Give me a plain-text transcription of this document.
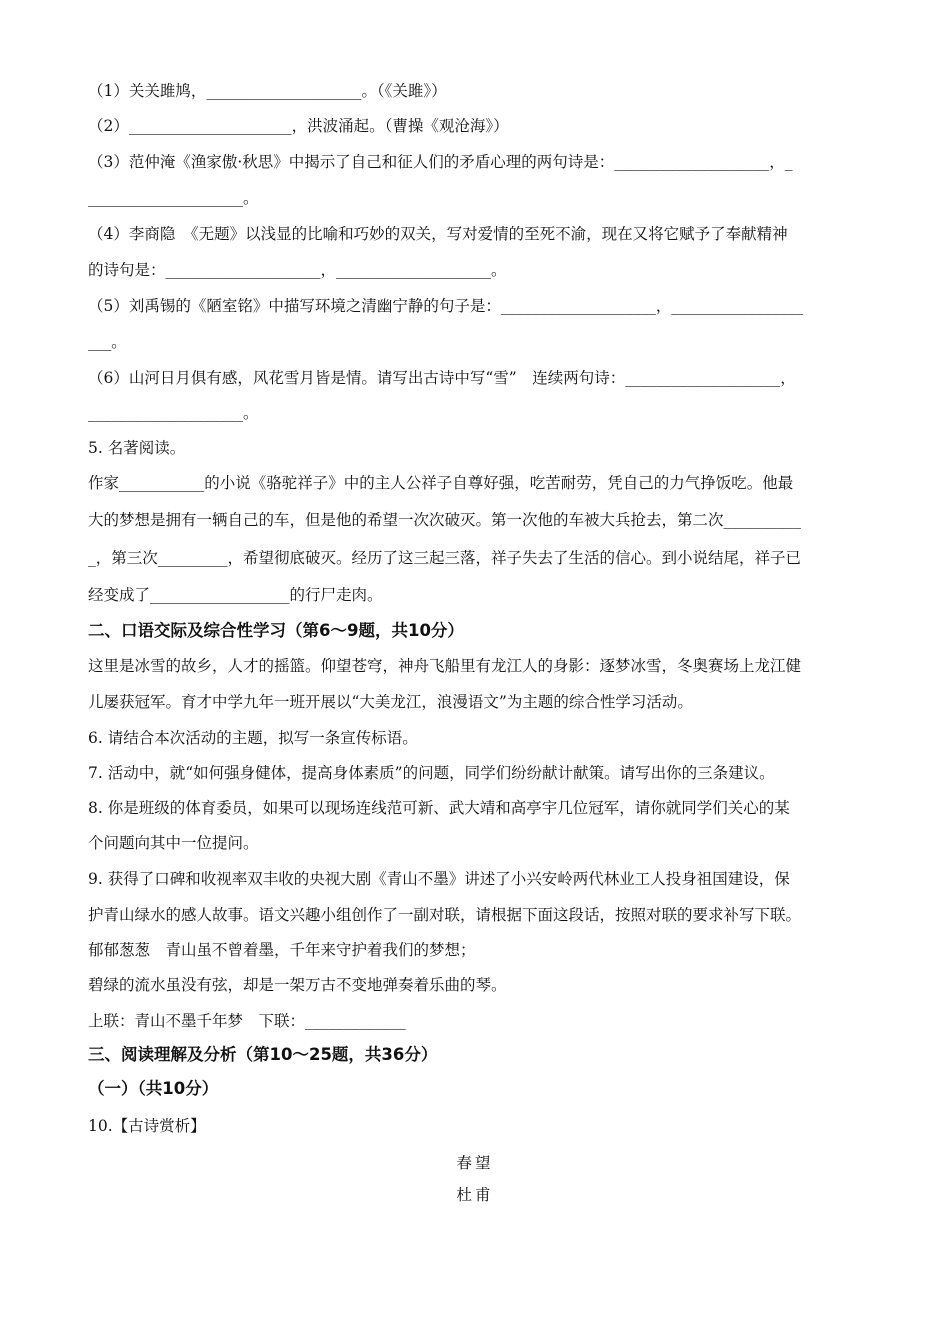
（1）关关雎鸠，____________________。（《关雎》）
（2）_____________________，洪波涌起。（曹操《观沧海》）
（3）范仲淹《渔家傲·秋思》中揭示了自己和征人们的矛盾心理的两句诗是：____________________，_
____________________。
（4）李商隐　《无题》以浅显的比喻和巧妙的双关，写对爱情的至死不渝，现在又将它赋予了奉献精神
的诗句是：____________________，____________________。
（5）刘禹锡的《陋室铭》中描写环境之清幽宁静的句子是：____________________，_________________
___。
（6）山河日月俱有感，风花雪月皆是情。请写出古诗中写“雪”　连续两句诗：____________________，
____________________。
5. 名著阅读。
作家___________的小说《骆驼祥子》中的主人公祥子自尊好强，吃苦耐劳，凭自己的力气挣饭吃。他最
大的梦想是拥有一辆自己的车，但是他的希望一次次破灭。第一次他的车被大兵抢去，第二次__________
_，第三次_________，希望彻底破灭。经历了这三起三落，祥子失去了生活的信心。到小说结尾，祥子已
经变成了__________________的行尸走肉。
二、口语交际及综合性学习（第6～9题，共10分）
这里是冰雪的故乡，人才的摇篮。仰望苍穹，神舟飞船里有龙江人的身影：逐梦冰雪，冬奥赛场上龙江健
儿屡获冠军。育才中学九年一班开展以“大美龙江，浪漫语文”为主题的综合性学习活动。
6. 请结合本次活动的主题，拟写一条宣传标语。
7. 活动中，就“如何强身健体，提高身体素质”的问题，同学们纷纷献计献策。请写出你的三条建议。
8. 你是班级的体育委员，如果可以现场连线范可新、武大靖和高亭宇几位冠军，请你就同学们关心的某
个问题向其中一位提问。
9. 获得了口碑和收视率双丰收的央视大剧《青山不墨》讲述了小兴安岭两代林业工人投身祖国建设，保
护青山绿水的感人故事。语文兴趣小组创作了一副对联，请根据下面这段话，按照对联的要求补写下联。
郁郁葱葱　青山虽不曾着墨，千年来守护着我们的梦想；
碧绿的流水虽没有弦，却是一架万古不变地弹奏着乐曲的琴。
上联：青山不墨千年梦　下联：_____________
三、阅读理解及分析（第10～25题，共36分）
（一）（共10分）
10.【古诗赏析】
春望
杜甫
